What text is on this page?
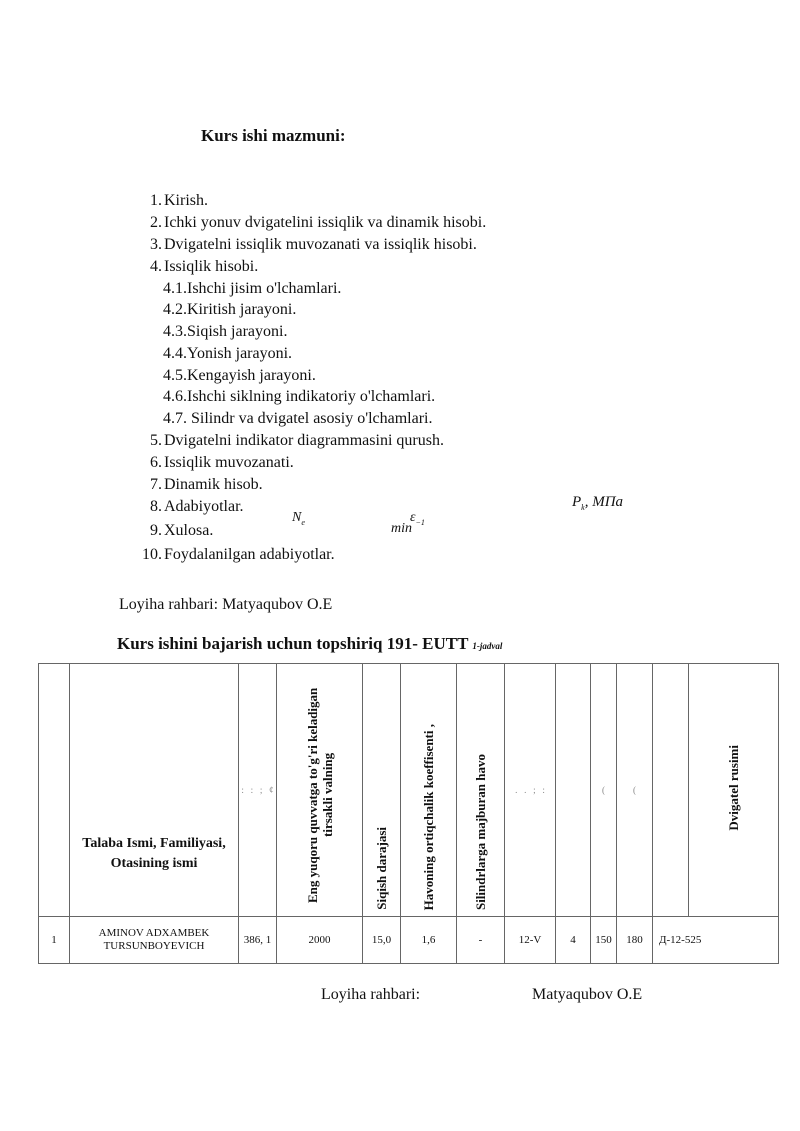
Kurs ishi mazmuni:
1. Kirish.
2. Ichki yonuv dvigatelini issiqlik va dinamik hisobi.
3. Dvigatelni issiqlik muvozanati va issiqlik hisobi.
4. Issiqlik hisobi.
4.1.Ishchi jisim o'lchamlari.
4.2.Kiritish jarayoni.
4.3.Siqish jarayoni.
4.4.Yonish jarayoni.
4.5.Kengayish jarayoni.
4.6.Ishchi siklning indikatoriy o'lchamlari.
4.7. Silindr va dvigatel asosiy o'lchamlari.
5. Dvigatelni indikator diagrammasini qurush.
6. Issiqlik muvozanati.
7. Dinamik hisob.
8. Adabiyotlar.
9. Xulosa.
10. Foydalanilgan adabiyotlar.
$N_e$	$\varepsilon_{-1}$
min
$P_k$, МПа
Loyiha rahbari: Matyaqubov O.E
Kurs ishini bajarish uchun topshiriq 191- EUTT 1-jadval

	Talaba Ismi, Familiyasi, Otasining ismi	:   :   ;   ¢	Eng yuqoru quvvatga to'g'ri keladigan tirsakli valning	Siqish darajasi	Havoning ortiqchalik koeffisenti ,	Silindrlarga majburan havo	.   .   ;   :		(	(		Dvigatel rusimi

1	AMINOV ADXAMBEK TURSUNBOYEVICH	386, 1	2000	15,0	1,6	-	12-V	4	150	180	Д-12-525	
Loyiha rahbari:	Matyaqubov O.E
